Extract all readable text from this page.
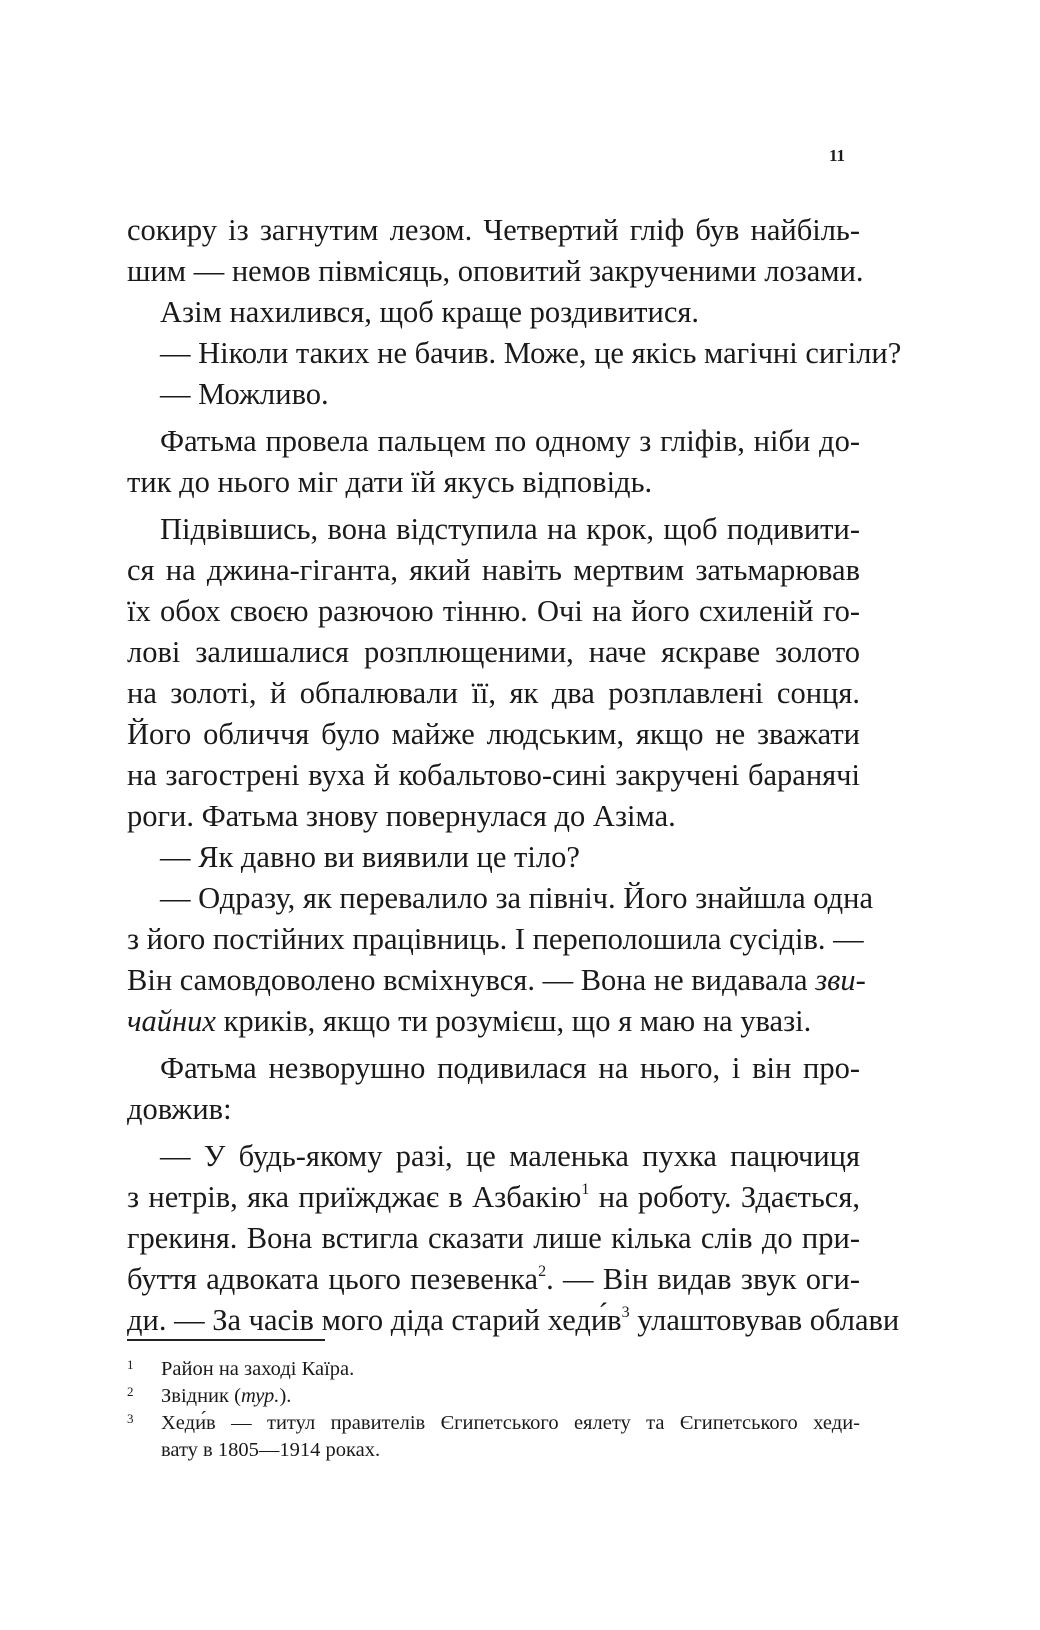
11
сокиру із загнутим лезом. Четвертий гліф був найбіль-
шим — немов півмісяць, оповитий закрученими лозами.
Азім нахилився, щоб краще роздивитися.
— Ніколи таких не бачив. Може, це якісь магічні сигіли?
— Можливо.
Фатьма провела пальцем по одному з гліфів, ніби до-
тик до нього міг дати їй якусь відповідь.
Підвівшись, вона відступила на крок, щоб подивити-
ся на джина-гіганта, який навіть мертвим затьмарював
їх обох своєю разючою тінню. Очі на його схиленій го-
лові залишалися розплющеними, наче яскраве золото
на золоті, й обпалювали її, як два розплавлені сонця.
Його обличчя було майже людським, якщо не зважати
на загострені вуха й кобальтово-сині закручені баранячі
роги. Фатьма знову повернулася до Азіма.
— Як давно ви виявили це тіло?
— Одразу, як перевалило за північ. Його знайшла одна
з його постійних працівниць. І переполошила сусідів. —
Він самовдоволено всміхнувся. — Вона не видавала зви-
чайних криків, якщо ти розумієш, що я маю на увазі.
Фатьма незворушно подивилася на нього, і він про-
довжив:
— У будь-якому разі, це маленька пухка пацючиця
з нетрів, яка приїжджає в Азбакію$^1$ на роботу. Здається,
грекиня. Вона встигла сказати лише кілька слів до при-
буття адвоката цього пезевенка$^2$. — Він видав звук оги-
ди. — За часів мого діда старий $хеди́в^3$ улаштовував облави
1 Район на заході Каїра.
2 Звідник (тур.).
3 Хеди́в — титул правителів Єгипетського еялету та Єгипетського хеди-
вату в 1805—1914 роках.
